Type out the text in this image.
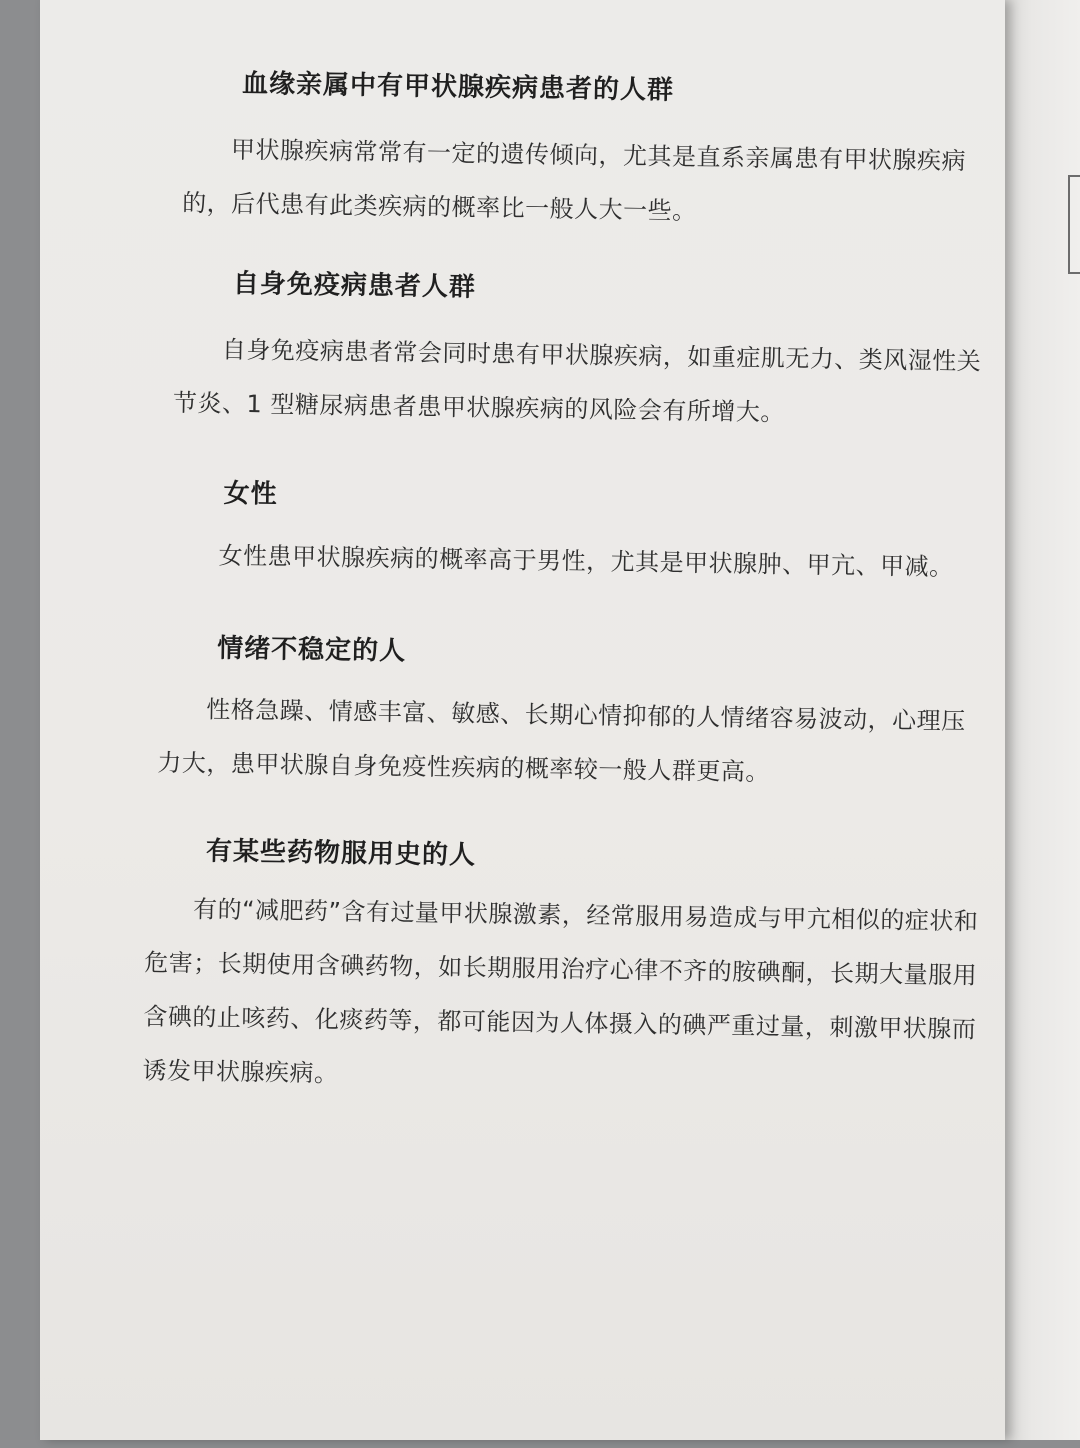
血缘亲属中有甲状腺疾病患者的人群
甲状腺疾病常常有一定的遗传倾向，尤其是直系亲属患有甲状腺疾病的，后代患有此类疾病的概率比一般人大一些。
自身免疫病患者人群
自身免疫病患者常会同时患有甲状腺疾病，如重症肌无力、类风湿性关节炎、1 型糖尿病患者患甲状腺疾病的风险会有所增大。
女性
女性患甲状腺疾病的概率高于男性，尤其是甲状腺肿、甲亢、甲减。
情绪不稳定的人
性格急躁、情感丰富、敏感、长期心情抑郁的人情绪容易波动，心理压力大，患甲状腺自身免疫性疾病的概率较一般人群更高。
有某些药物服用史的人
有的“减肥药”含有过量甲状腺激素，经常服用易造成与甲亢相似的症状和危害；长期使用含碘药物，如长期服用治疗心律不齐的胺碘酮，长期大量服用含碘的止咳药、化痰药等，都可能因为人体摄入的碘严重过量，刺激甲状腺而诱发甲状腺疾病。
